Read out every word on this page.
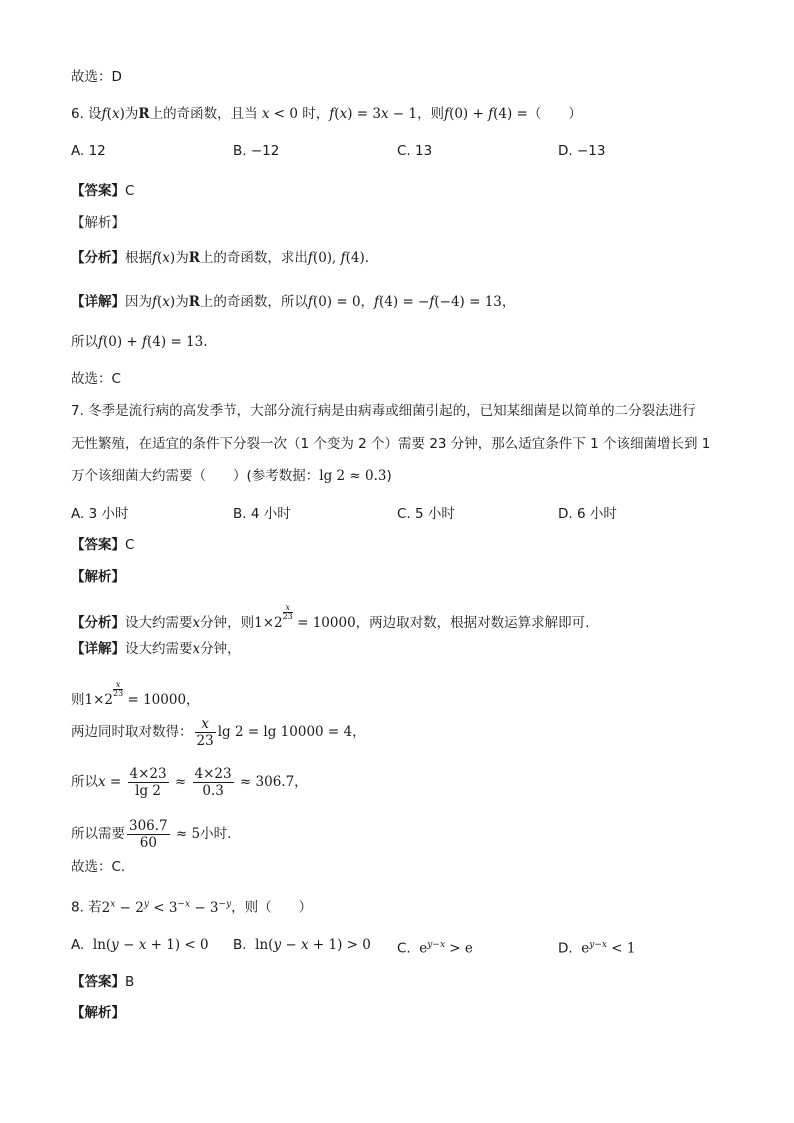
故选：D
6. 设f(x)为R上的奇函数，且当 x < 0 时，f(x) = 3x − 1，则f(0) + f(4) =（　　）
A. 12	B. −12	C. 13	D. −13
【答案】C
【解析】
【分析】根据f(x)为R上的奇函数，求出f(0), f(4).
【详解】因为f(x)为R上的奇函数，所以f(0) = 0，f(4) = −f(−4) = 13，
所以f(0) + f(4) = 13.
故选：C
7. 冬季是流行病的高发季节，大部分流行病是由病毒或细菌引起的，已知某细菌是以简单的二分裂法进行
无性繁殖，在适宜的条件下分裂一次（1 个变为 2 个）需要 23 分钟，那么适宜条件下 1 个该细菌增长到 1
万个该细菌大约需要（　　）(参考数据：lg 2 ≈ 0.3)
A. 3 小时	B. 4 小时	C. 5 小时	D. 6 小时
【答案】C
【解析】
【分析】设大约需要x分钟，则1×2
$\frac{x}{23}$
= 10000，两边取对数，根据对数运算求解即可.
【详解】设大约需要x分钟，
则1×2
$\frac{x}{23}$
= 10000，
两边同时取对数得： $\frac{x}{23}$ lg 2 = lg 10000 = 4，
所以$x = \frac{4\times 23}{\lg 2} \approx \frac{4\times 23}{0.3} \approx 306.7$，
所以需要 $\frac{306.7}{60} \approx 5$小时.
故选：C.
8. 若$2^x - 2^y < 3^{-x} - 3^{-y}$，则（　　）
A.  ln(y − x + 1) < 0 B.  ln(y − x + 1) > 0 C.  $e^{y-x} > e$	D.  $e^{y-x} < 1$
【答案】B
【解析】
